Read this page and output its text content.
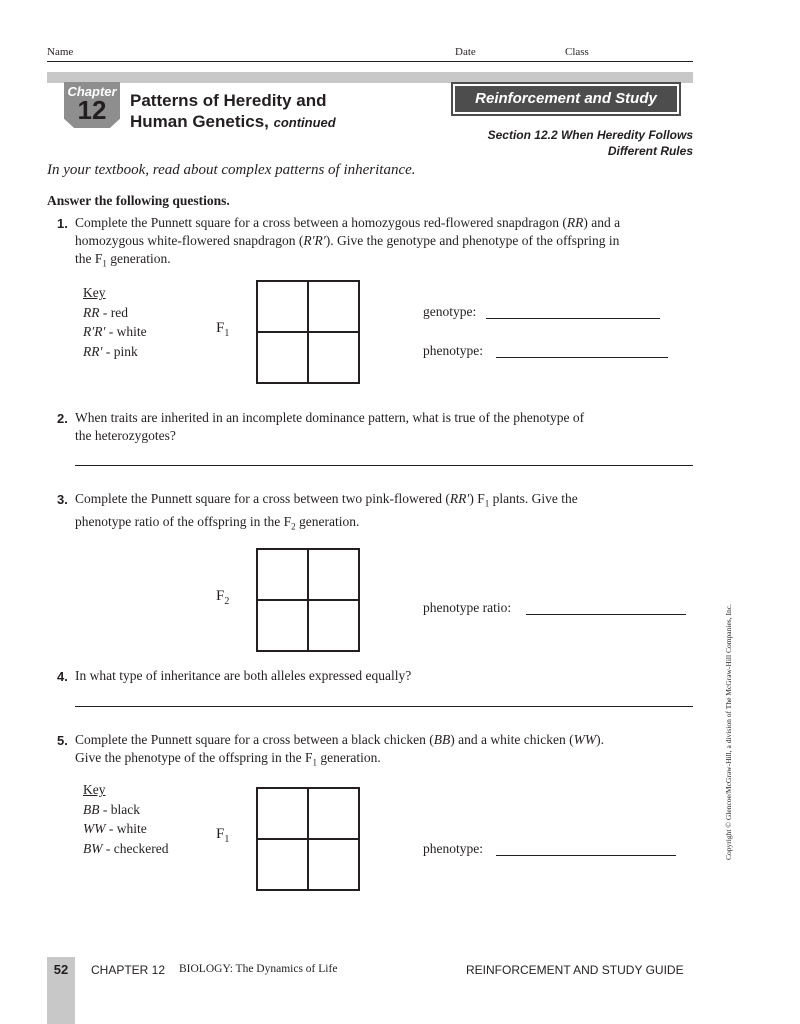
Name	Date	Class
Chapter
12	Patterns of Heredity and
Human Genetics, continued
Reinforcement and Study Guide
Section 12.2 When Heredity Follows
Different Rules
In your textbook, read about complex patterns of inheritance.
Answer the following questions.
1. Complete the Punnett square for a cross between a homozygous red-flowered snapdragon (RR) and a
homozygous white-flowered snapdragon (R′R′). Give the genotype and phenotype of the offspring in
the $F_1$ generation.
Key
RR - red
R′R′ - white
RR′ - pink
$F_1$
genotype:
phenotype:
2. When traits are inherited in an incomplete dominance pattern, what is true of the phenotype of
the heterozygotes?
3. Complete the Punnett square for a cross between two pink-flowered (RR′) $F_1$ plants. Give the
phenotype ratio of the offspring in the $F_2$ generation.
$F_2$	phenotype ratio:
4. In what type of inheritance are both alleles expressed equally?
5. Complete the Punnett square for a cross between a black chicken (BB) and a white chicken (WW).
Give the phenotype of the offspring in the $F_1$ generation.
Key
BB - black
WW - white
BW - checkered
$F_1$
phenotype:	Copyright © Glencoe/McGraw-Hill, a division of The McGraw-Hill Companies, Inc.
52	CHAPTER 12 BIOLOGY: The Dynamics of Life	REINFORCEMENT AND STUDY GUIDE
